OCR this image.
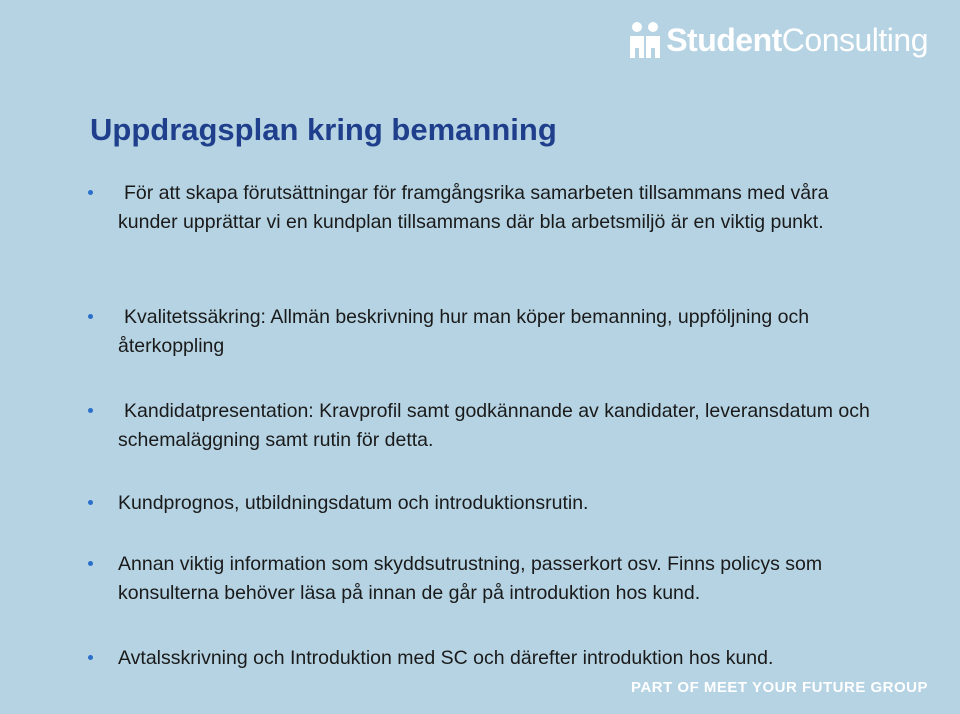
Student Consulting
Uppdragsplan kring bemanning
För att skapa förutsättningar för framgångsrika samarbeten tillsammans med våra kunder upprättar vi en kundplan tillsammans där bla arbetsmiljö är en viktig punkt.
Kvalitetssäkring: Allmän beskrivning hur man köper bemanning, uppföljning och återkoppling
Kandidatpresentation: Kravprofil samt godkännande av kandidater, leveransdatum och schemaläggning samt rutin för detta.
Kundprognos, utbildningsdatum och introduktionsrutin.
Annan viktig information som skyddsutrustning, passerkort osv. Finns policys som konsulterna behöver läsa på innan de går på introduktion hos kund.
Avtalsskrivning och Introduktion med SC och därefter introduktion hos kund.
PART OF MEET YOUR FUTURE GROUP
